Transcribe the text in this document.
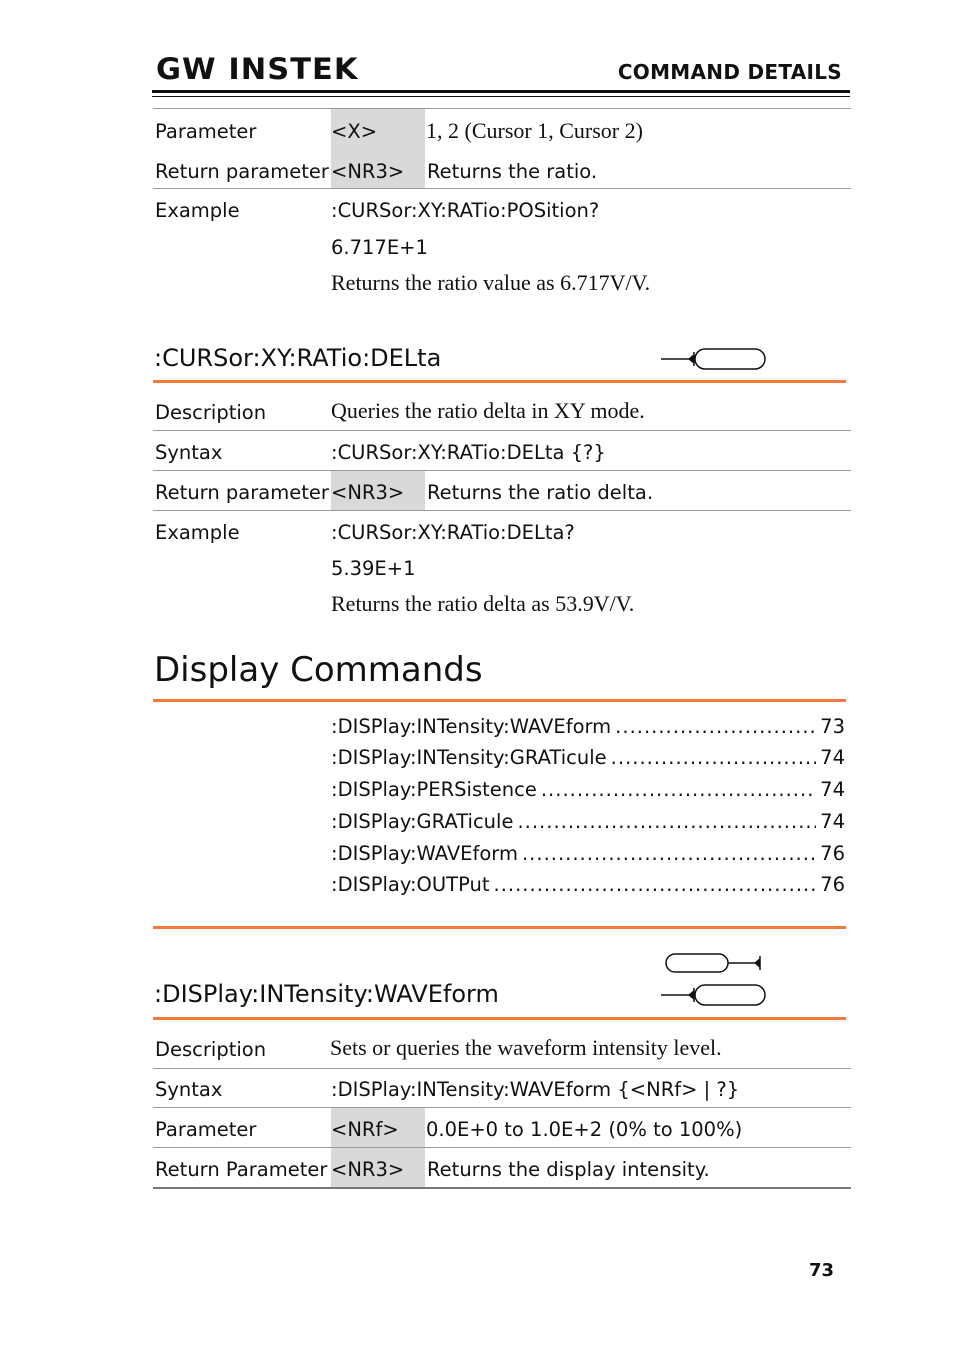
GW INSTEK	COMMAND DETAILS
Parameter	<X> 1, 2 (Cursor 1, Cursor 2)
Return parameter <NR3> Returns the ratio.
Example	:CURSor:XY:RATio:POSition?
6.717E+1
Returns the ratio value as 6.717V/V.
:CURSor:XY:RATio:DELta
Description	Queries the ratio delta in XY mode.
Syntax	:CURSor:XY:RATio:DELta {?}
Return parameter <NR3> Returns the ratio delta.
Example	:CURSor:XY:RATio:DELta?
5.39E+1
Returns the ratio delta as 53.9V/V.
Display Commands
:DISPlay:INTensity:WAVEform .....	73
:DISPlay:INTensity:GRATicule .....	74
:DISPlay:PERSistence .....	74
:DISPlay:GRATicule .....	74
:DISPlay:WAVEform .....	76
:DISPlay:OUTPut .....	76
:DISPlay:INTensity:WAVEform
Description	Sets or queries the waveform intensity level.
Syntax	:DISPlay:INTensity:WAVEform {<NRf> | ?}
Parameter	<NRf> 0.0E+0 to 1.0E+2 (0% to 100%)
Return Parameter <NR3> Returns the display intensity.
73
